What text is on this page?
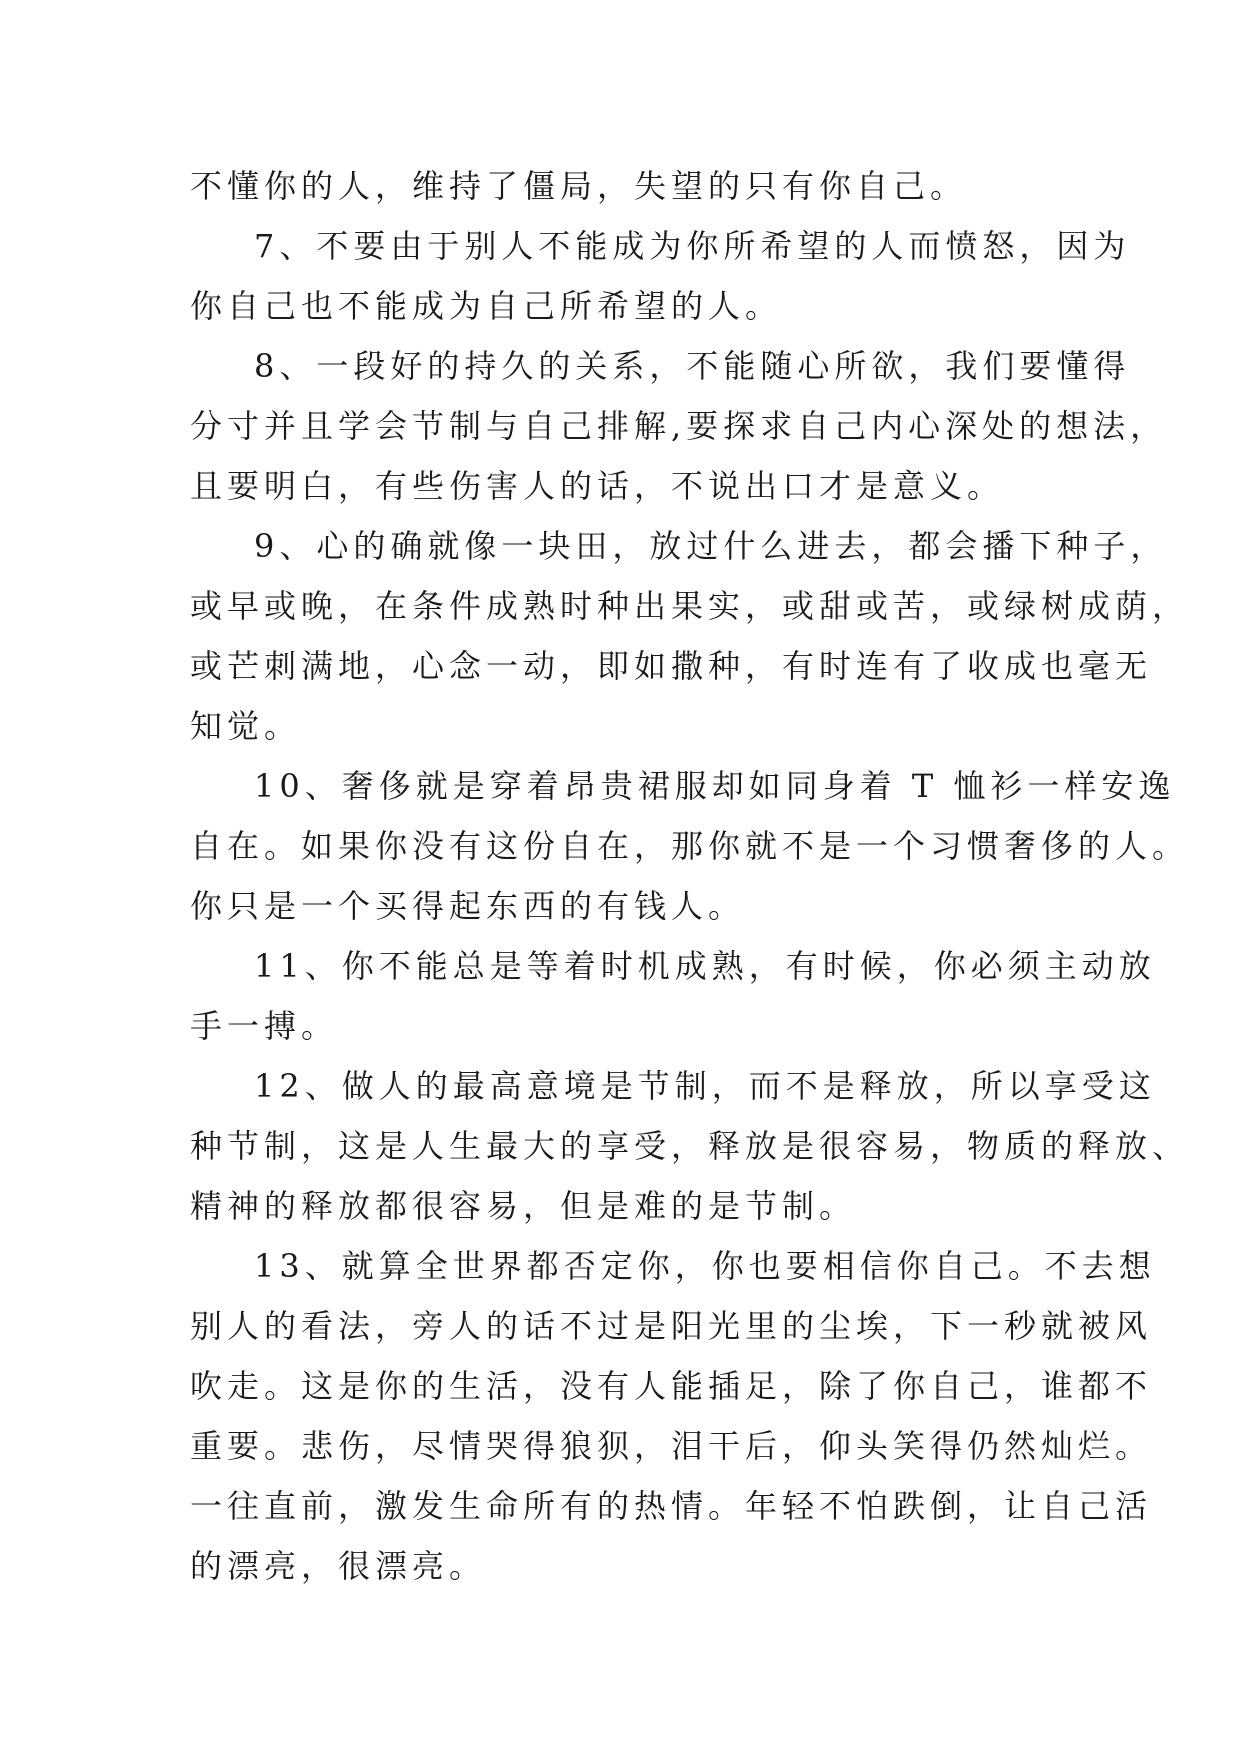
不懂你的人，维持了僵局，失望的只有你自己。
7、不要由于别人不能成为你所希望的人而愤怒，因为
你自己也不能成为自己所希望的人。
8、一段好的持久的关系，不能随心所欲，我们要懂得
分寸并且学会节制与自己排解,要探求自己内心深处的想法，
且要明白，有些伤害人的话，不说出口才是意义。
9、心的确就像一块田，放过什么进去，都会播下种子，
或早或晚，在条件成熟时种出果实，或甜或苦，或绿树成荫，
或芒刺满地，心念一动，即如撒种，有时连有了收成也毫无
知觉。
10、奢侈就是穿着昂贵裙服却如同身着 T 恤衫一样安逸
自在。如果你没有这份自在，那你就不是一个习惯奢侈的人。
你只是一个买得起东西的有钱人。
11、你不能总是等着时机成熟，有时候，你必须主动放
手一搏。
12、做人的最高意境是节制，而不是释放，所以享受这
种节制，这是人生最大的享受，释放是很容易，物质的释放、
精神的释放都很容易，但是难的是节制。
13、就算全世界都否定你，你也要相信你自己。不去想
别人的看法，旁人的话不过是阳光里的尘埃，下一秒就被风
吹走。这是你的生活，没有人能插足，除了你自己，谁都不
重要。悲伤，尽情哭得狼狈，泪干后，仰头笑得仍然灿烂。
一往直前，激发生命所有的热情。年轻不怕跌倒，让自己活
的漂亮，很漂亮。
